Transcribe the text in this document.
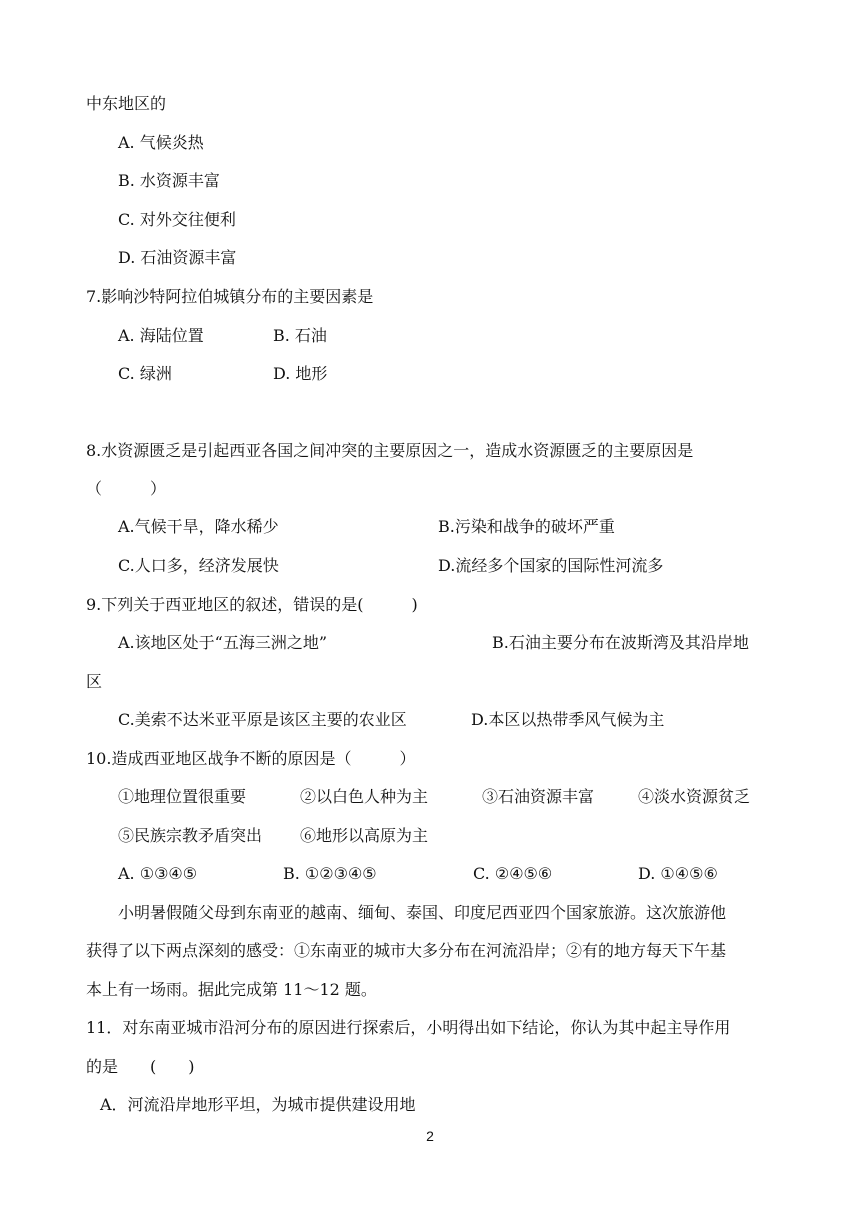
中东地区的
A. 气候炎热
B. 水资源丰富
C. 对外交往便利
D. 石油资源丰富
7.影响沙特阿拉伯城镇分布的主要因素是
A. 海陆位置	B. 石油
C. 绿洲	D. 地形
8.水资源匮乏是引起西亚各国之间冲突的主要原因之一，造成水资源匮乏的主要原因是
（　　　）
A.气候干旱，降水稀少	B.污染和战争的破坏严重
C.人口多，经济发展快	D.流经多个国家的国际性河流多
9.下列关于西亚地区的叙述，错误的是(　　　)
A.该地区处于“五海三洲之地”	B.石油主要分布在波斯湾及其沿岸地
区
C.美索不达米亚平原是该区主要的农业区	D.本区以热带季风气候为主
10.造成西亚地区战争不断的原因是（　　　）
①地理位置很重要	②以白色人种为主	③石油资源丰富	④淡水资源贫乏
⑤民族宗教矛盾突出 ⑥地形以高原为主
A. ①③④⑤	B. ①②③④⑤	C. ②④⑤⑥	D. ①④⑤⑥
小明暑假随父母到东南亚的越南、缅甸、泰国、印度尼西亚四个国家旅游。这次旅游他
获得了以下两点深刻的感受：①东南亚的城市大多分布在河流沿岸；②有的地方每天下午基
本上有一场雨。据此完成第 11～12 题。
11．对东南亚城市沿河分布的原因进行探索后，小明得出如下结论，你认为其中起主导作用
的是　　(　　)
A．河流沿岸地形平坦，为城市提供建设用地
2
